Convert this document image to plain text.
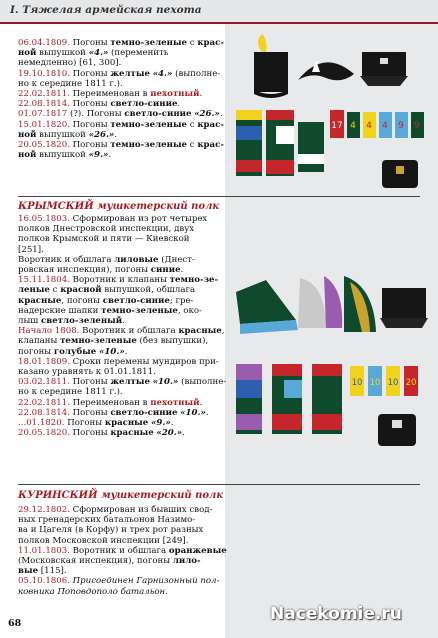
I. Тяжелая армейская пехота
06.04.1809. Погоны темно-зеленые с крас-
ной выпушкой «4.» (переменить
немедленно) [61, 300].
19.10.1810. Погоны желтые «4.» (выполне-
но к середине 1811 г.).
22.02.1811. Переименован в пехотный.
22.08.1814. Погоны светло-синие.
01.07.1817 (?). Погоны светло-синие «26.».
15.01.1820. Погоны темно-зеленые с крас-
ной выпушкой «26.».
20.05.1820. Погоны темно-зеленые с крас-
ной выпушкой «9.».
КРЫМСКИЙ мушкетерский полк
16.05.1803. Сформирован из рот четырех
полков Днестровской инспекции, двух
полков Крымской и пяти — Киевской
[251].
Воротник и обшлага лиловые (Днест-
ровская инспекция), погоны синие.
15.11.1804. Воротник и клапаны темно-зе-
леные с красной выпушкой, обшлага
красные, погоны светло-синие; гре-
надерские шапки темно-зеленые, око-
лыш светло-зеленый.
Начало 1808. Воротник и обшлага красные,
клапаны темно-зеленые (без выпушки),
погоны голубые «10.».
18.01.1809. Сроки перемены мундиров при-
казано уравнять к 01.01.1811.
03.02.1811. Погоны желтые «10.» (выполне-
но к середине 1811 г.).
22.02.1811. Переименован в пехотный.
22.08.1814. Погоны светло-синие «10.».
...01.1820. Погоны красные «9.».
20.05.1820. Погоны красные «20.».
КУРИНСКИЙ мушкетерский полк
29.12.1802. Сформирован из бывших свод-
ных гренадерских батальонов Назимо-
ва и Цагеля (в Корфу) и трех рот разных
полков Московской инспекции [249].
11.01.1803. Воротник и обшлага оранжевые
(Московская инспекция), погоны лило-
вые [115].
05.10.1806. Присоединен Гарнизонный пол-
ковника Поповдополо батальон.
17 4 4 4 9 9
10 10 10 20
68	Nacekomie.ru
